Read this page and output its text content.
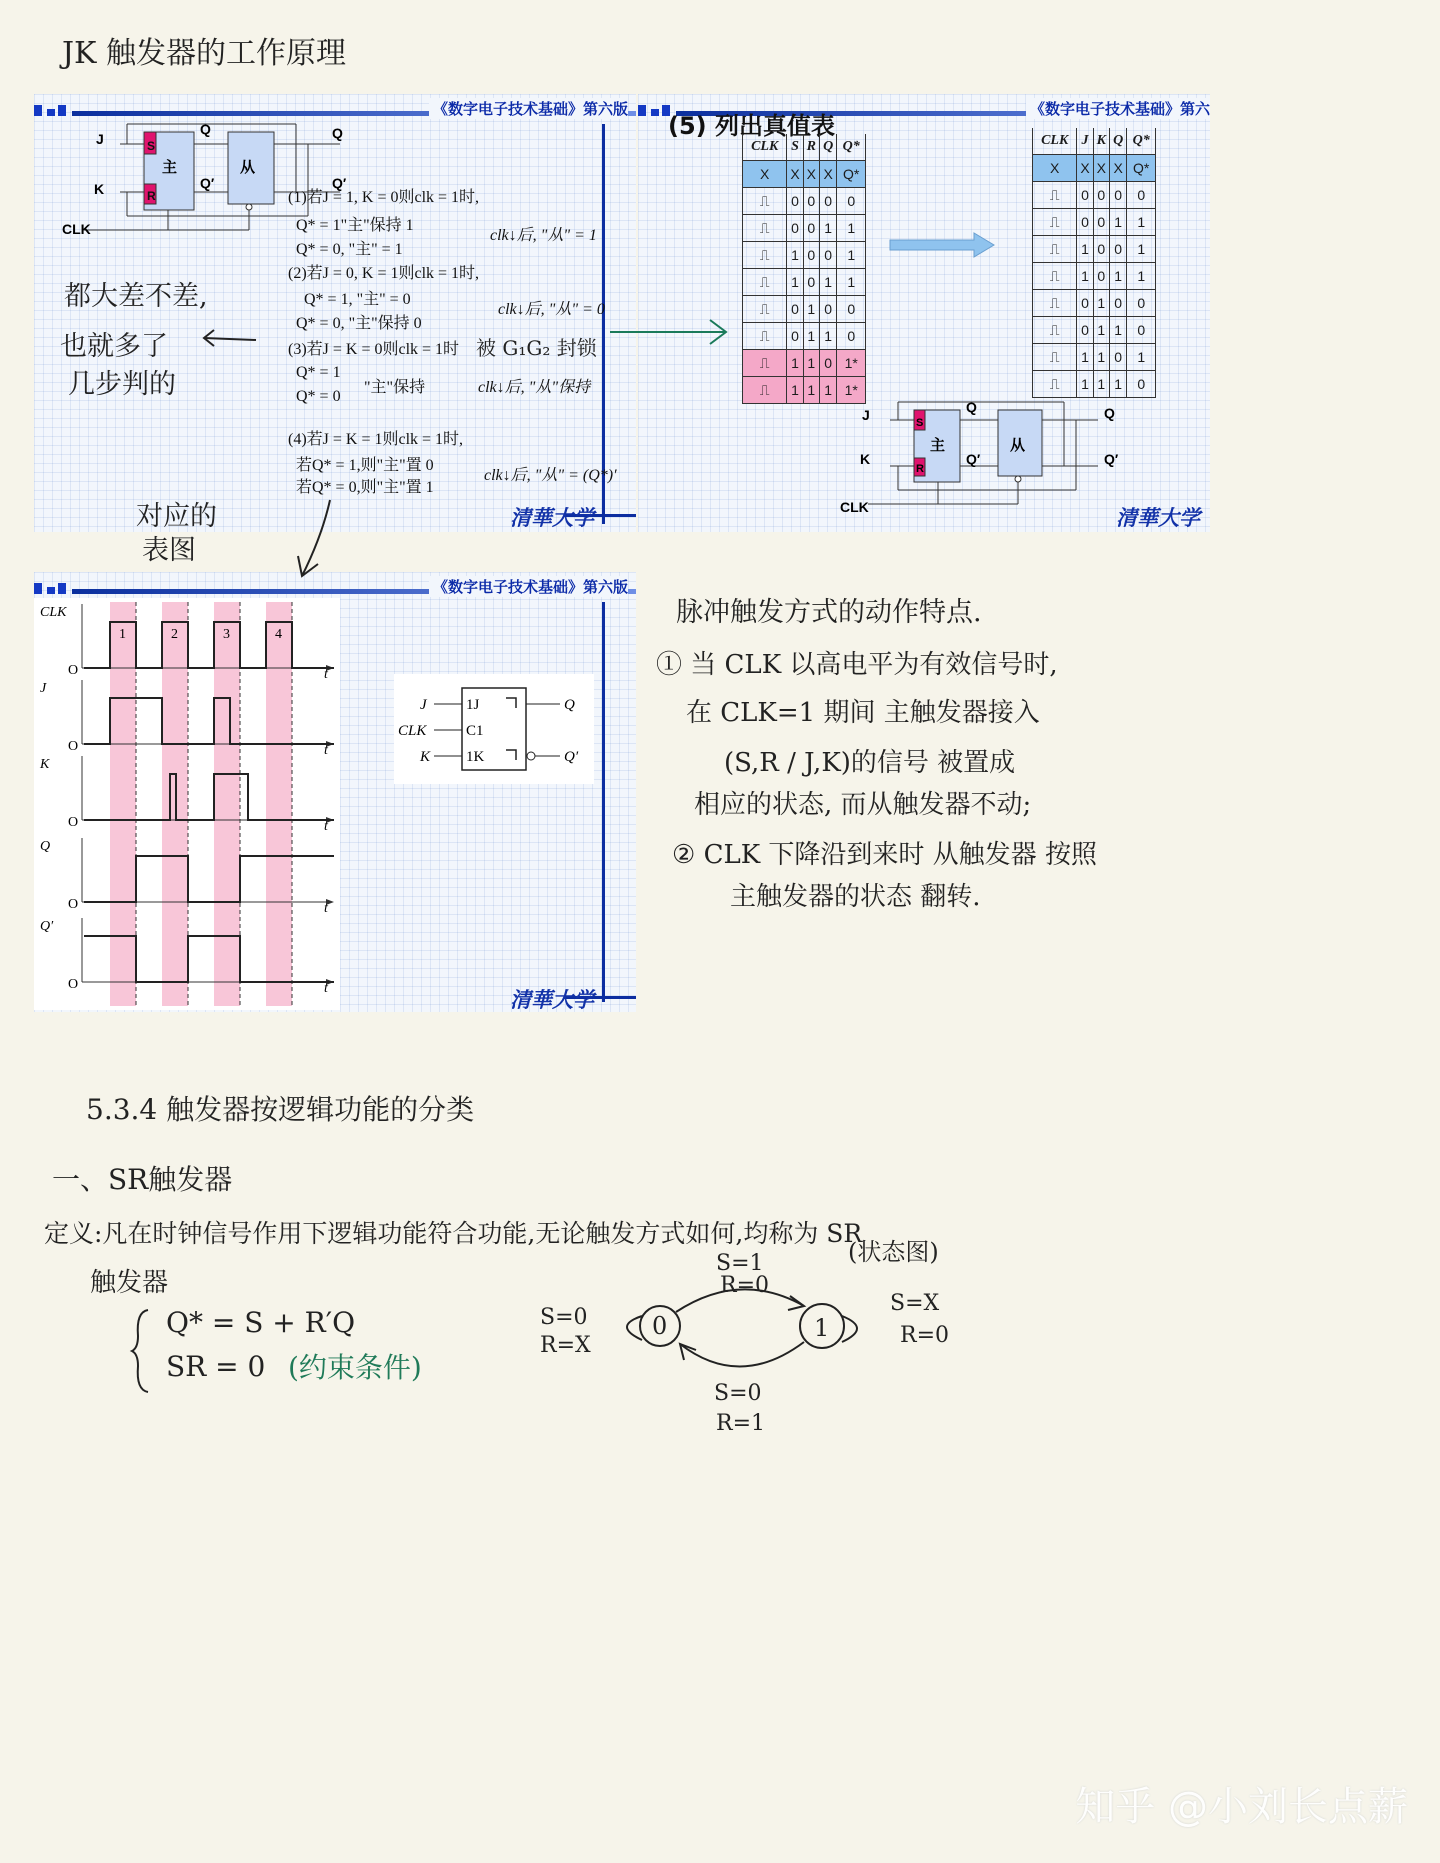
JK 触发器的工作原理
《数字电子技术基础》第六版
J
K
CLK
S
R
主	从
Q
Q′
Q
Q′
(1)若J = 1, K = 0则clk = 1时,
Q* = 1"主"保持 1
Q* = 0, "主" = 1
clk↓后, "从" = 1
(2)若J = 0, K = 1则clk = 1时,
Q* = 1, "主" = 0
Q* = 0, "主"保持 0
clk↓后, "从" = 0
(3)若J = K = 0则clk = 1时
Q* = 1
Q* = 0
"主"保持	clk↓后, "从"保持
(4)若J = K = 1则clk = 1时,
若Q* = 1,则"主"置 0
若Q* = 0,则"主"置 1
clk↓后, "从" = (Q*)′
清華大学
《数字电子技术基础》第六
(5) 列出真值表
CLK	S	R	Q	Q*
X	X	X	X	Q*
⎍	0	0	0	0
⎍	0	0	1	1
⎍	1	0	0	1
⎍	1	0	1	1
⎍	0	1	0	0
⎍	0	1	1	0
⎍	1	1	0	1*
⎍	1	1	1	1*
CLK	J	K	Q	Q*
X	X	X	X	Q*
⎍	0	0	0	0
⎍	0	0	1	1
⎍	1	0	0	1
⎍	1	0	1	1
⎍	0	1	0	0
⎍	0	1	1	0
⎍	1	1	0	1
⎍	1	1	1	0
J
K
CLK
S
R
主	从
Q
Q′
Q
Q′
清華大学
《数字电子技术基础》第六版
CLK
O	t
J
O	t
K
O	t
Q
O	t
Q′
O	t
1	2	3	4
J
CLK
K
1J
C1
1K
Q
Q′
清華大学
都大差不差,
也就多了
几步判的
被 G₁G₂ 封锁
对应的
表图
脉冲触发方式的动作特点.
① 当 CLK 以高电平为有效信号时,
在 CLK=1 期间 主触发器接入
(S,R / J,K)的信号 被置成
相应的状态, 而从触发器不动;
② CLK 下降沿到来时 从触发器 按照
主触发器的状态 翻转.
5.3.4 触发器按逻辑功能的分类
一、SR触发器
定义:凡在时钟信号作用下逻辑功能符合功能,无论触发方式如何,均称为 SR
触发器
Q* = S + R′Q
SR = 0 (约束条件)
(状态图)
0	1
S=1
R=0
S=0
R=1
S=0
R=X
S=X
R=0
知乎 @小刘长点薪
